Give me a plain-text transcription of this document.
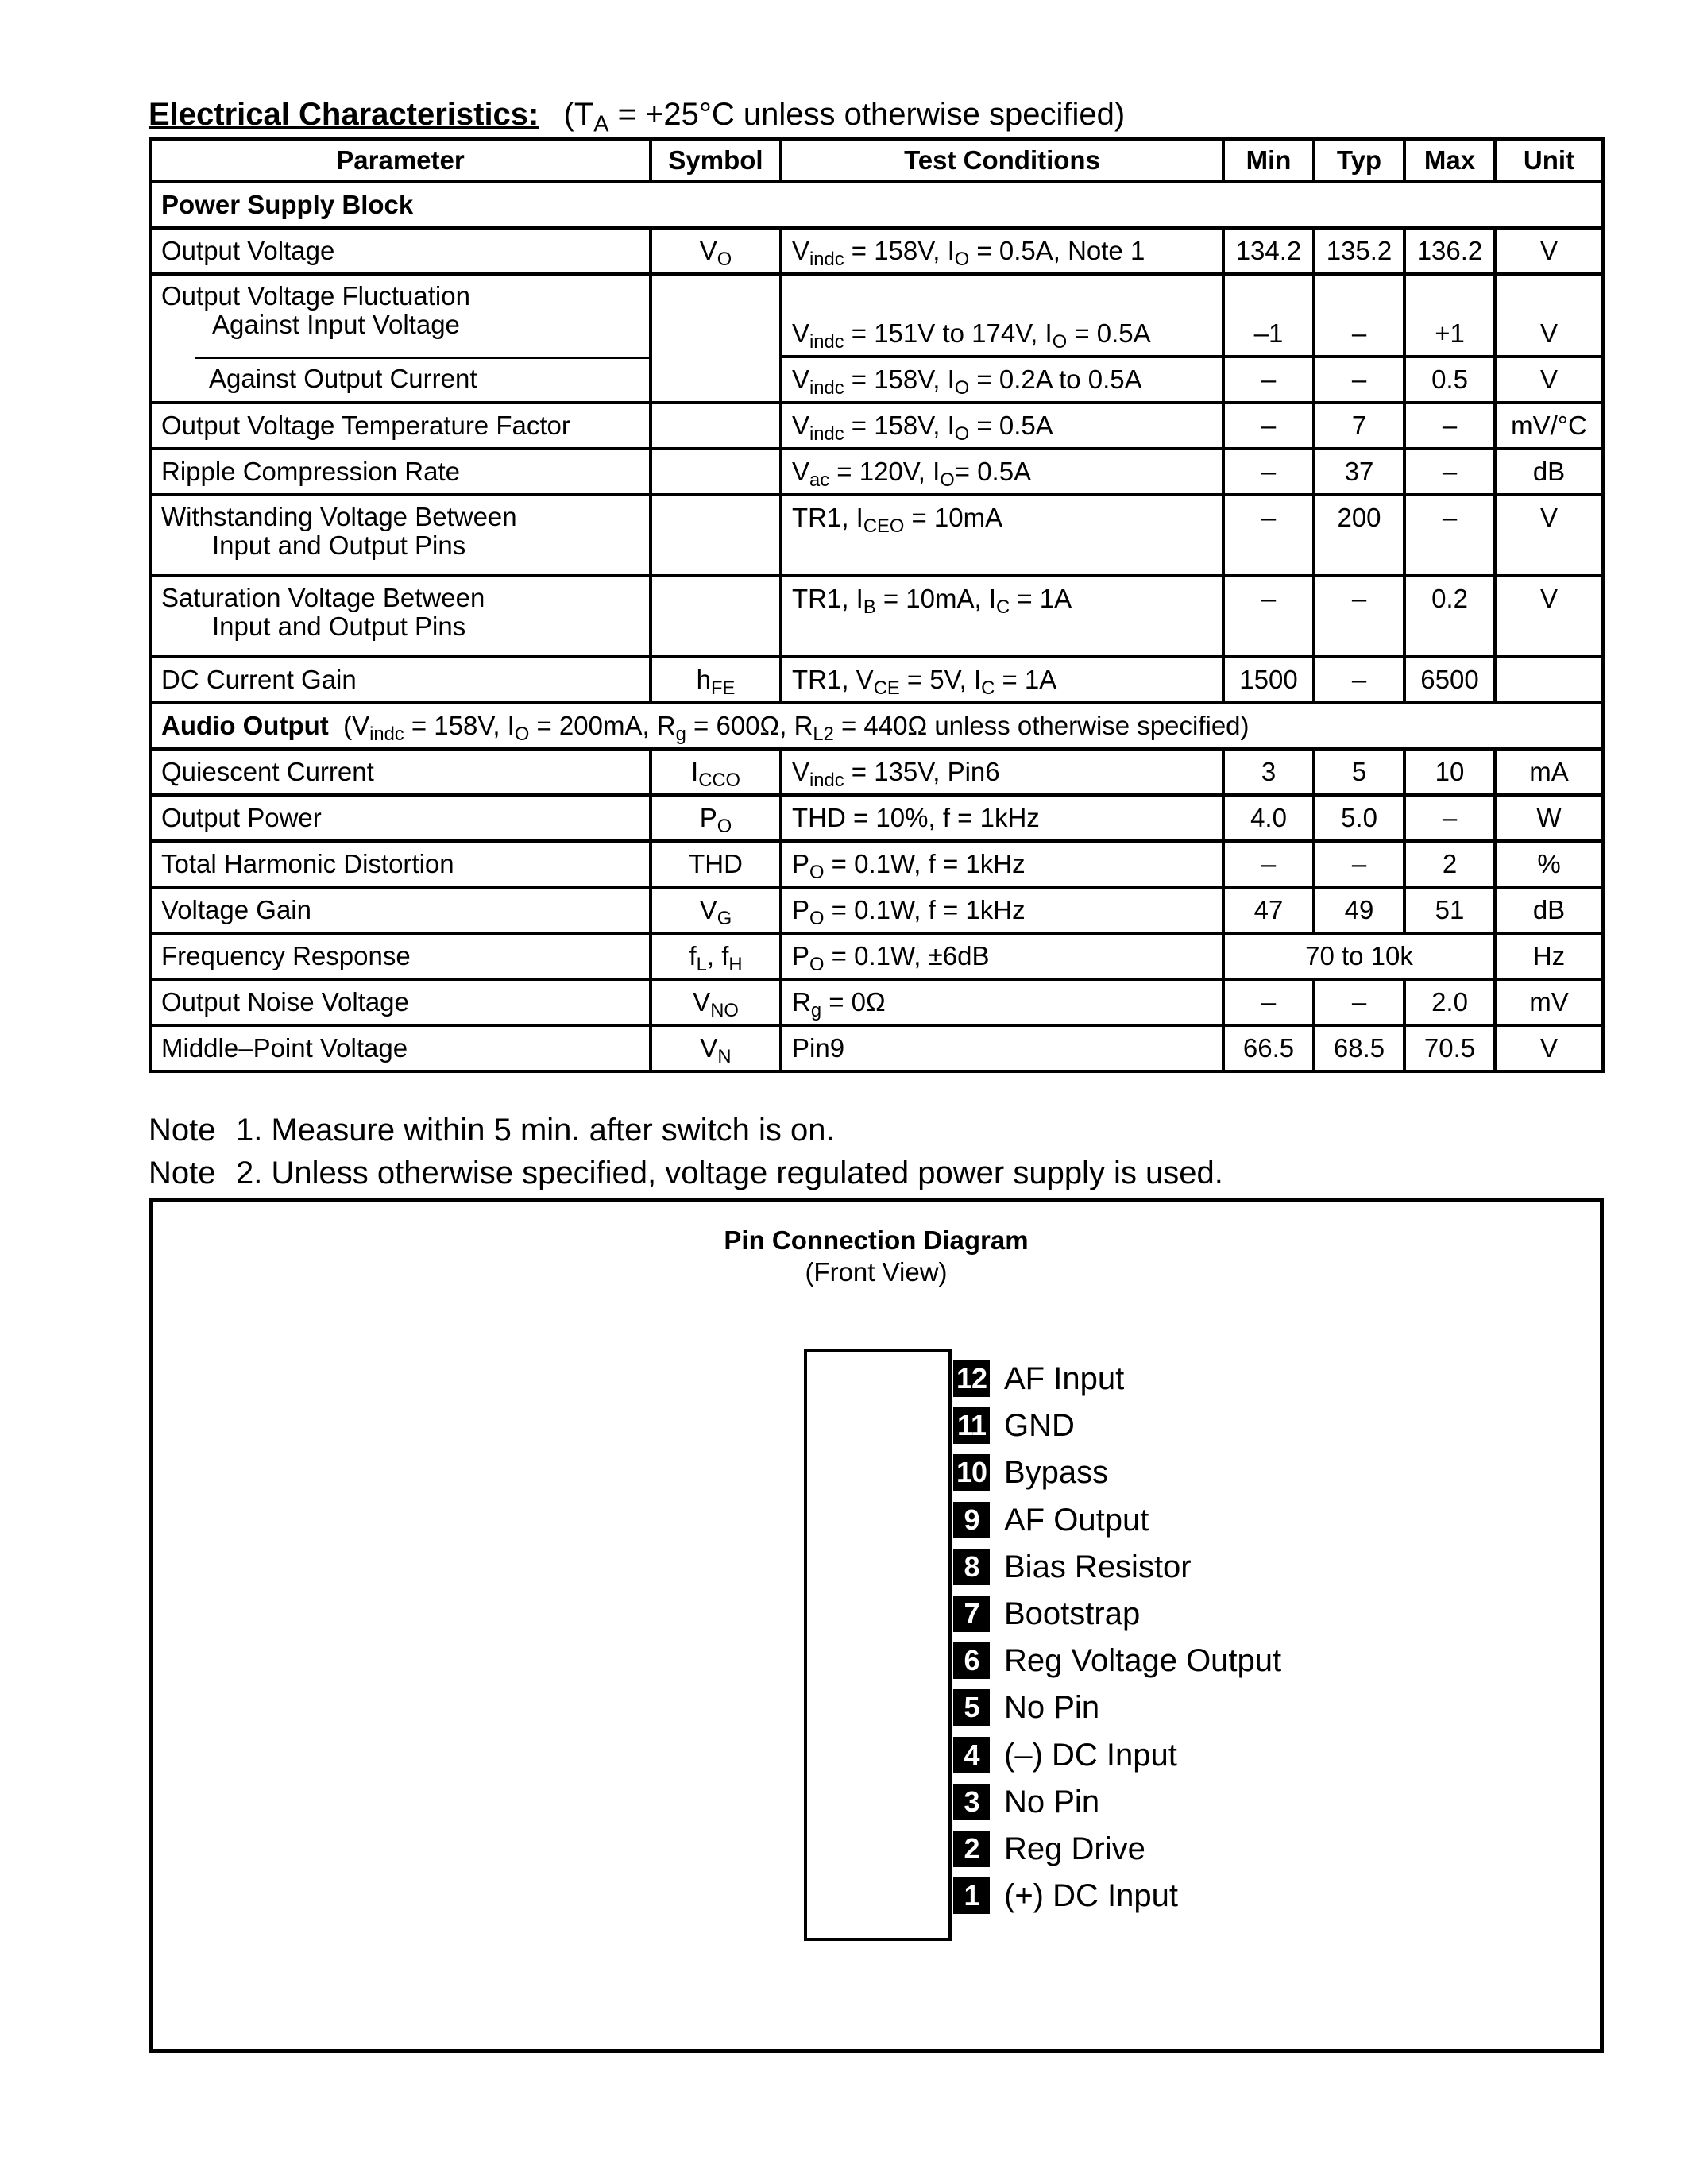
Electrical Characteristics: ($T_A = +25^\circ C$ unless otherwise specified)
Parameter	Symbol	Test Conditions	Min	Typ	Max	Unit
Power Supply Block						
Output Voltage	$V_O$	$V_{indc} = 158V$, $I_O = 0.5A$, Note 1	134.2	135.2	136.2	V
Output Voltage Fluctuation
Against Input Voltage		$V_{indc} = 151V$ to 174V, $I_O = 0.5A$	–1	–	+1	V
Against Output Current		$V_{indc} = 158V$, $I_O = 0.2A$ to 0.5A	–	–	0.5	V
Output Voltage Temperature Factor		$V_{indc} = 158V$, $I_O = 0.5A$	–	7	–	mV/°C
Ripple Compression Rate		$V_{ac} = 120V$, $I_O= 0.5A$	–	37	–	dB
Withstanding Voltage Between
Input and Output Pins		TR1, $I_{CEO} = 10mA$	–	200	–	V
Saturation Voltage Between
Input and Output Pins		TR1, $I_B = 10mA$, $I_C = 1A$	–	–	0.2	V
DC Current Gain	$h_{FE}$	TR1, $V_{CE} = 5V$, $I_C = 1A$	1500	–	6500	
Audio Output ($V_{indc} = 158V$, $I_O = 200mA$, $R_g = 600\Omega$, $R_{L2} = 440\Omega$ unless otherwise specified)						
Quiescent Current	$I_{CCO}$	$V_{indc} = 135V$, Pin6	3	5	10	mA
Output Power	$P_O$	THD = 10%, f = 1kHz	4.0	5.0	–	W
Total Harmonic Distortion	THD	$P_O = 0.1W$, f = 1kHz	–	–	2	%
Voltage Gain	$V_G$	$P_O = 0.1W$, f = 1kHz	47	49	51	dB
Frequency Response	$f_L$, $f_H$	$P_O = 0.1W$, ±6dB	70 to 10k			Hz
Output Noise Voltage	$V_{NO}$	$R_g = 0\Omega$	–	–	2.0	mV
Middle–Point Voltage	$V_N$	Pin9	66.5	68.5	70.5	V
Note 1. Measure within 5 min. after switch is on.
Note 2. Unless otherwise specified, voltage regulated power supply is used.
Pin Connection Diagram
(Front View)
12 AF Input
11 GND
10 Bypass
9 AF Output
8 Bias Resistor
7 Bootstrap
6 Reg Voltage Output
5 No Pin
4 (–) DC Input
3 No Pin
2 Reg Drive
1 (+) DC Input
